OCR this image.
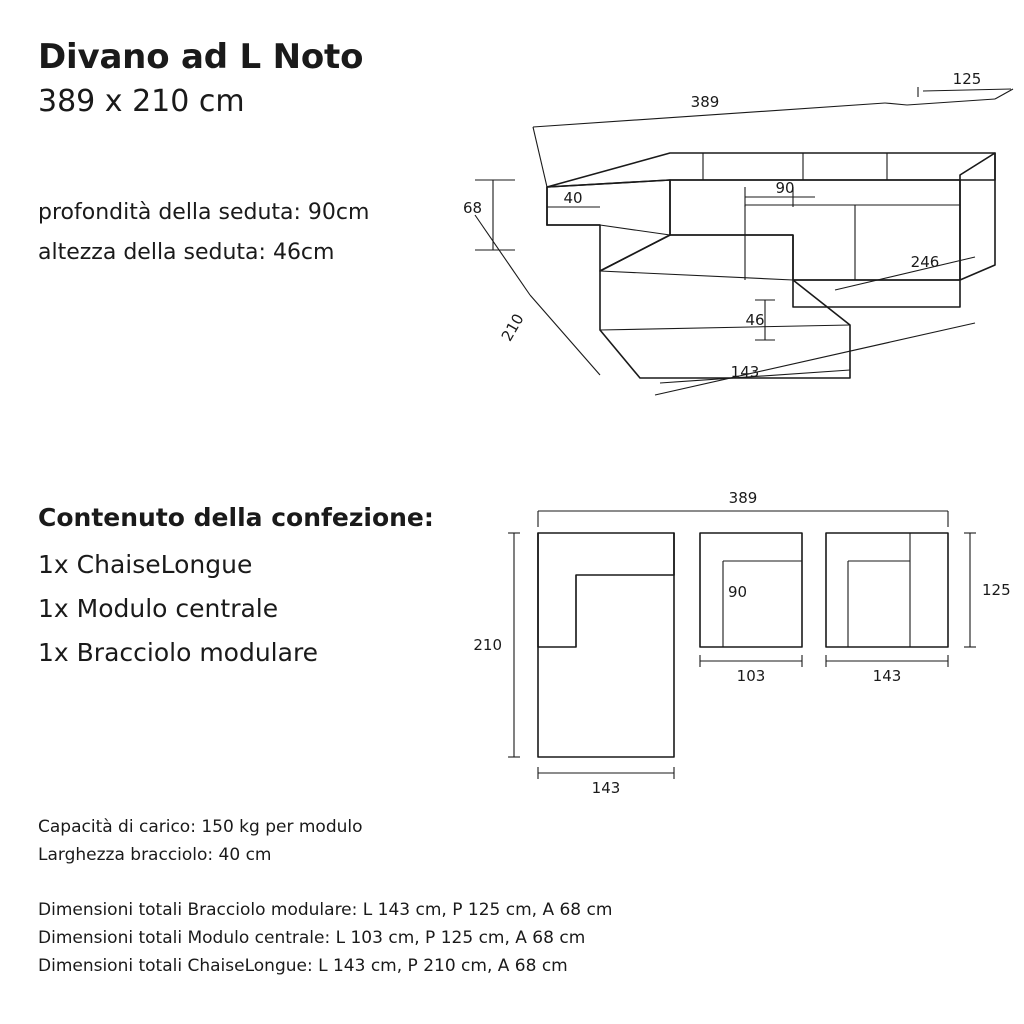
Divano ad L Noto
389 x 210 cm
profondità della seduta: 90cm
altezza della seduta: 46cm
Contenuto della confezione:
1x ChaiseLongue
1x Modulo centrale
1x Bracciolo modulare
Capacità di carico: 150 kg per modulo
Larghezza bracciolo: 40 cm
Dimensioni totali Bracciolo modulare: L 143 cm, P 125 cm, A 68 cm
Dimensioni totali Modulo centrale: L 103 cm, P 125 cm, A 68 cm
Dimensioni totali ChaiseLongue: L 143 cm, P 210 cm, A 68 cm
389
125
68
40
90
246
210	46
143
389
210
143
90
103	143
125
